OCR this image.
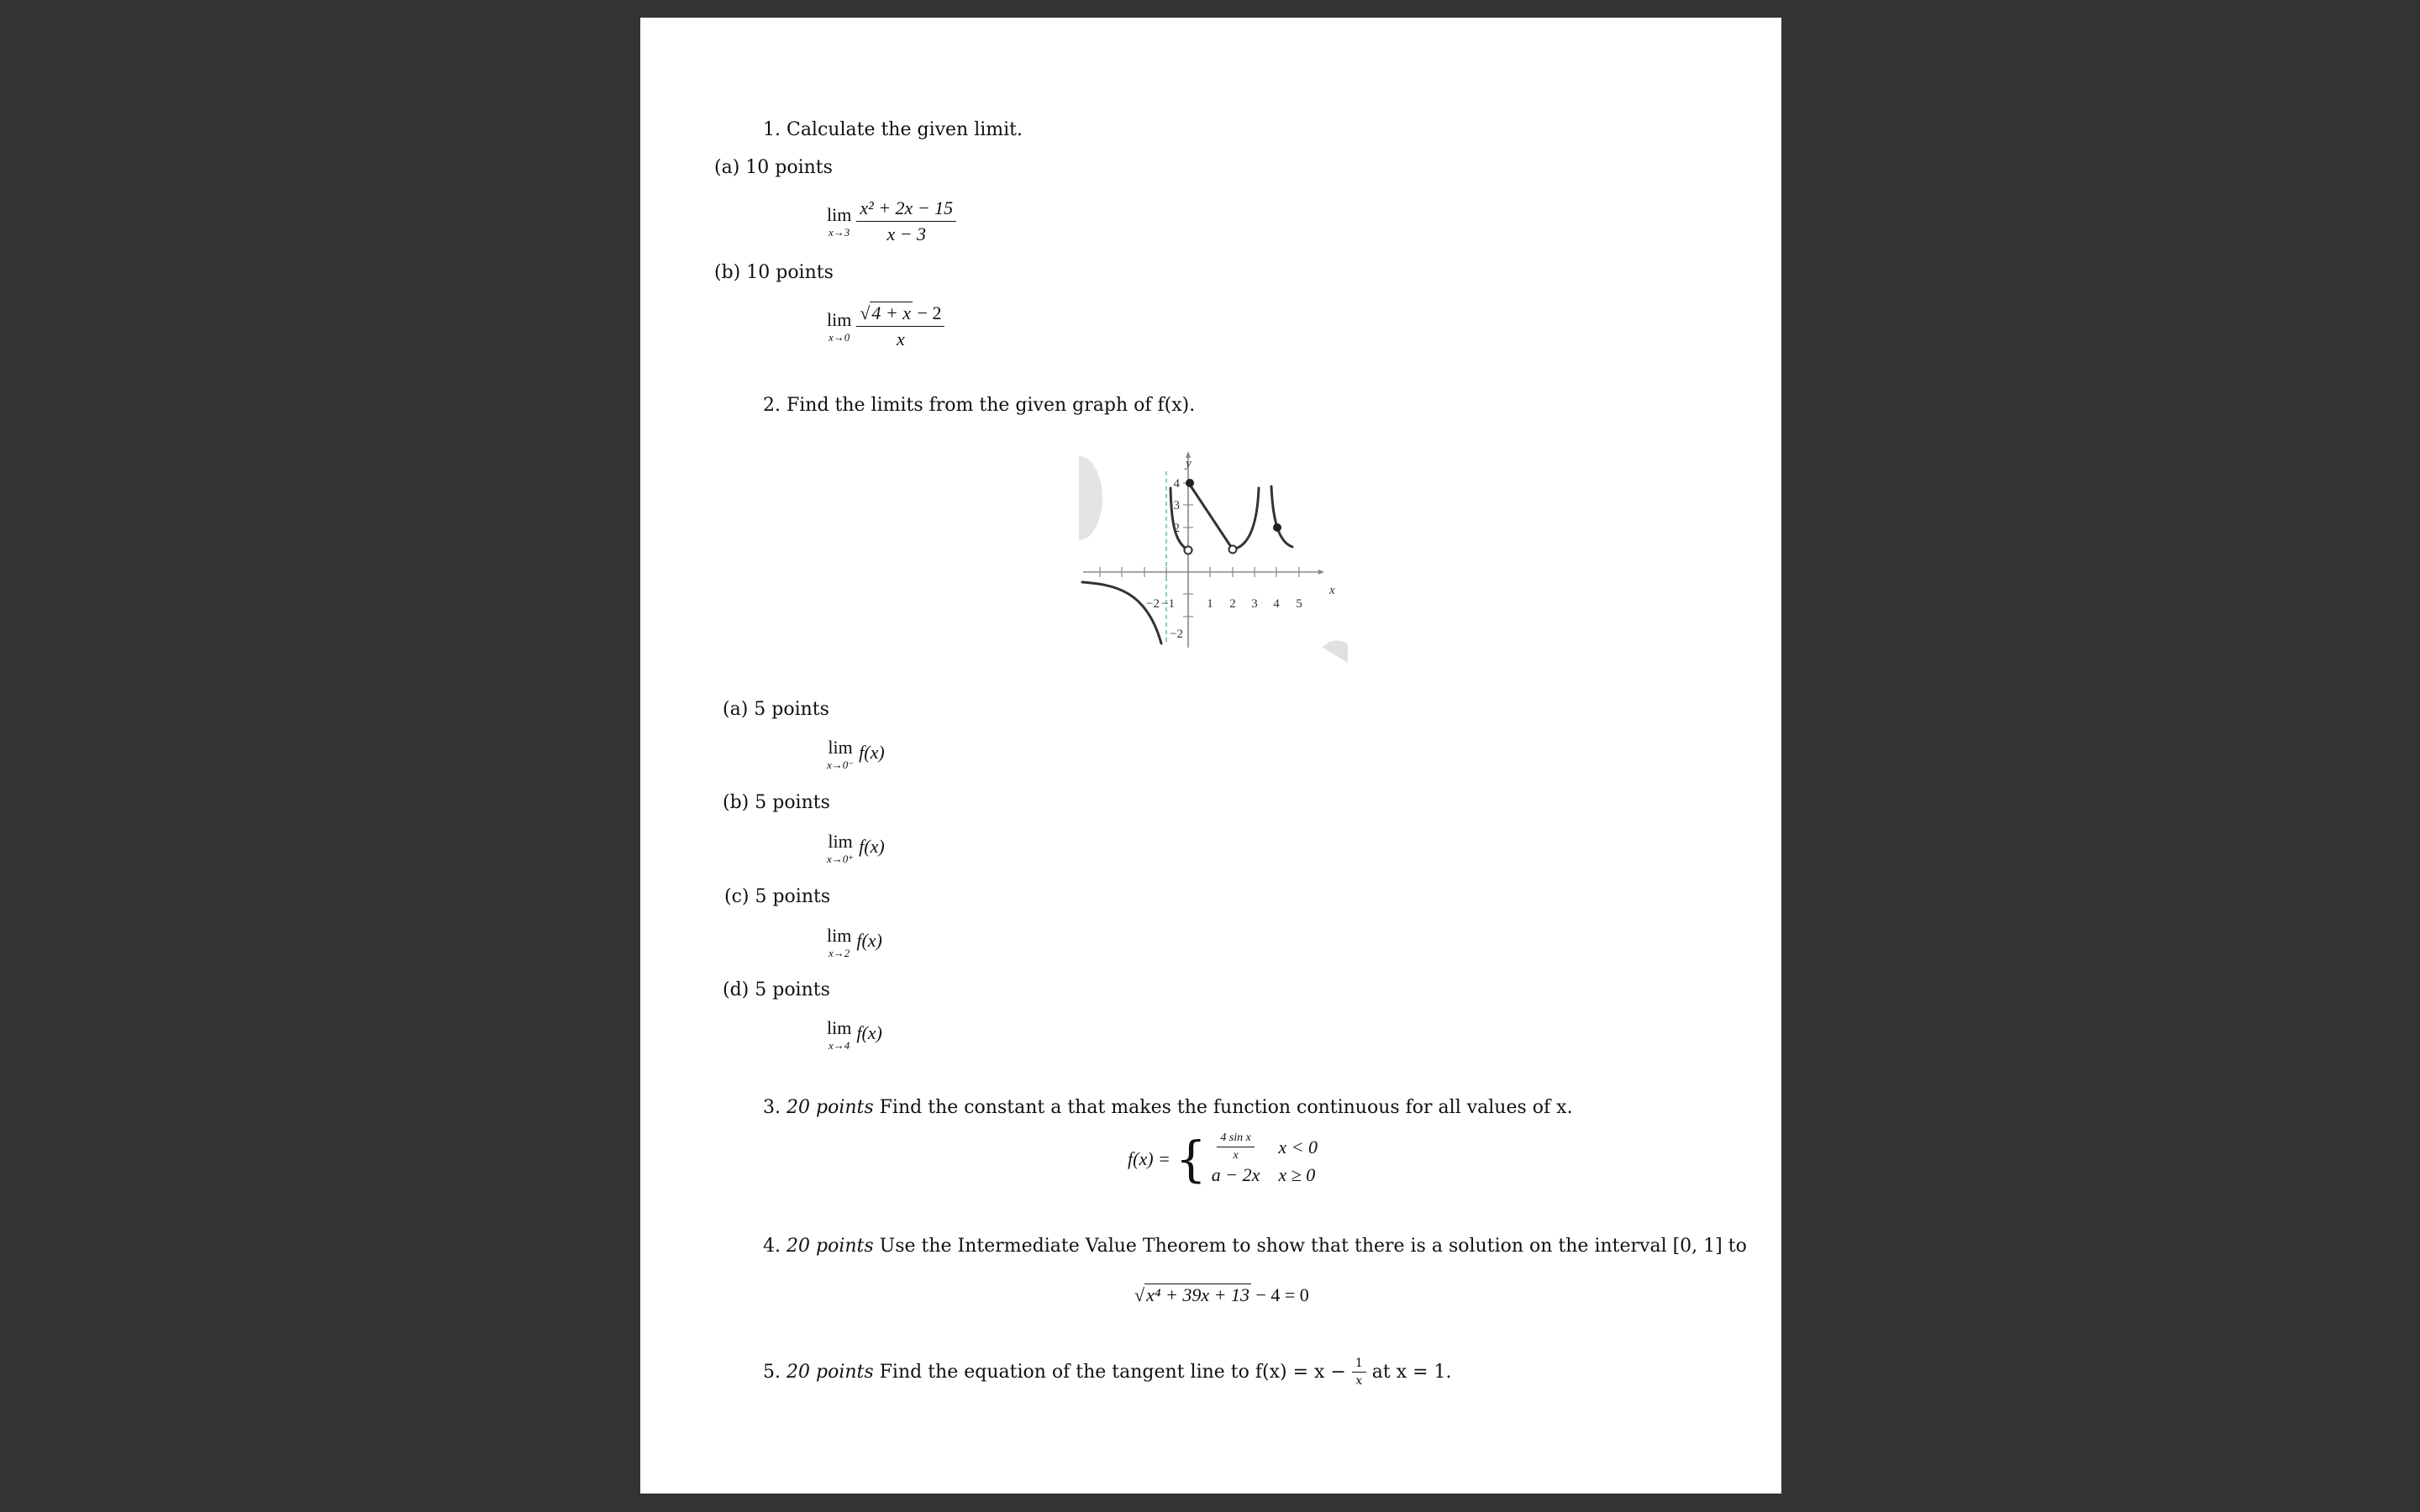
1. Calculate the given limit.
(a) 10 points
lim
$x\to 3 \frac{\text{x² + 2x − 15}}{x - 3}$
(b) 10 points
lim
$x\to 0 \frac{√4 + x - 2}{x}$
2. Find the limits from the given graph of f(x).
−2 −1	1 2 3 4 5
4
3
2
−2
x
y
(a) 5 points
lim
x→0⁻
f(x)
(b) 5 points
lim
x→0⁺
f(x)
(c) 5 points
lim
x→2
f(x)
(d) 5 points
lim
x→4
f(x)
3. 20 points Find the constant a that makes the function continuous for all values of x.
f(x) = { $\frac{\text{4 sin x}}{x}$ x < 0
a − 2x x ≥ 0
4. 20 points Use the Intermediate Value Theorem to show that there is a solution on the interval [0, 1] to
√x⁴ + 39x + 13 − 4 = 0
5.
20 points
Find the equation of the tangent line to $f(x) = x - \frac{1}{x}$ at x = 1.
